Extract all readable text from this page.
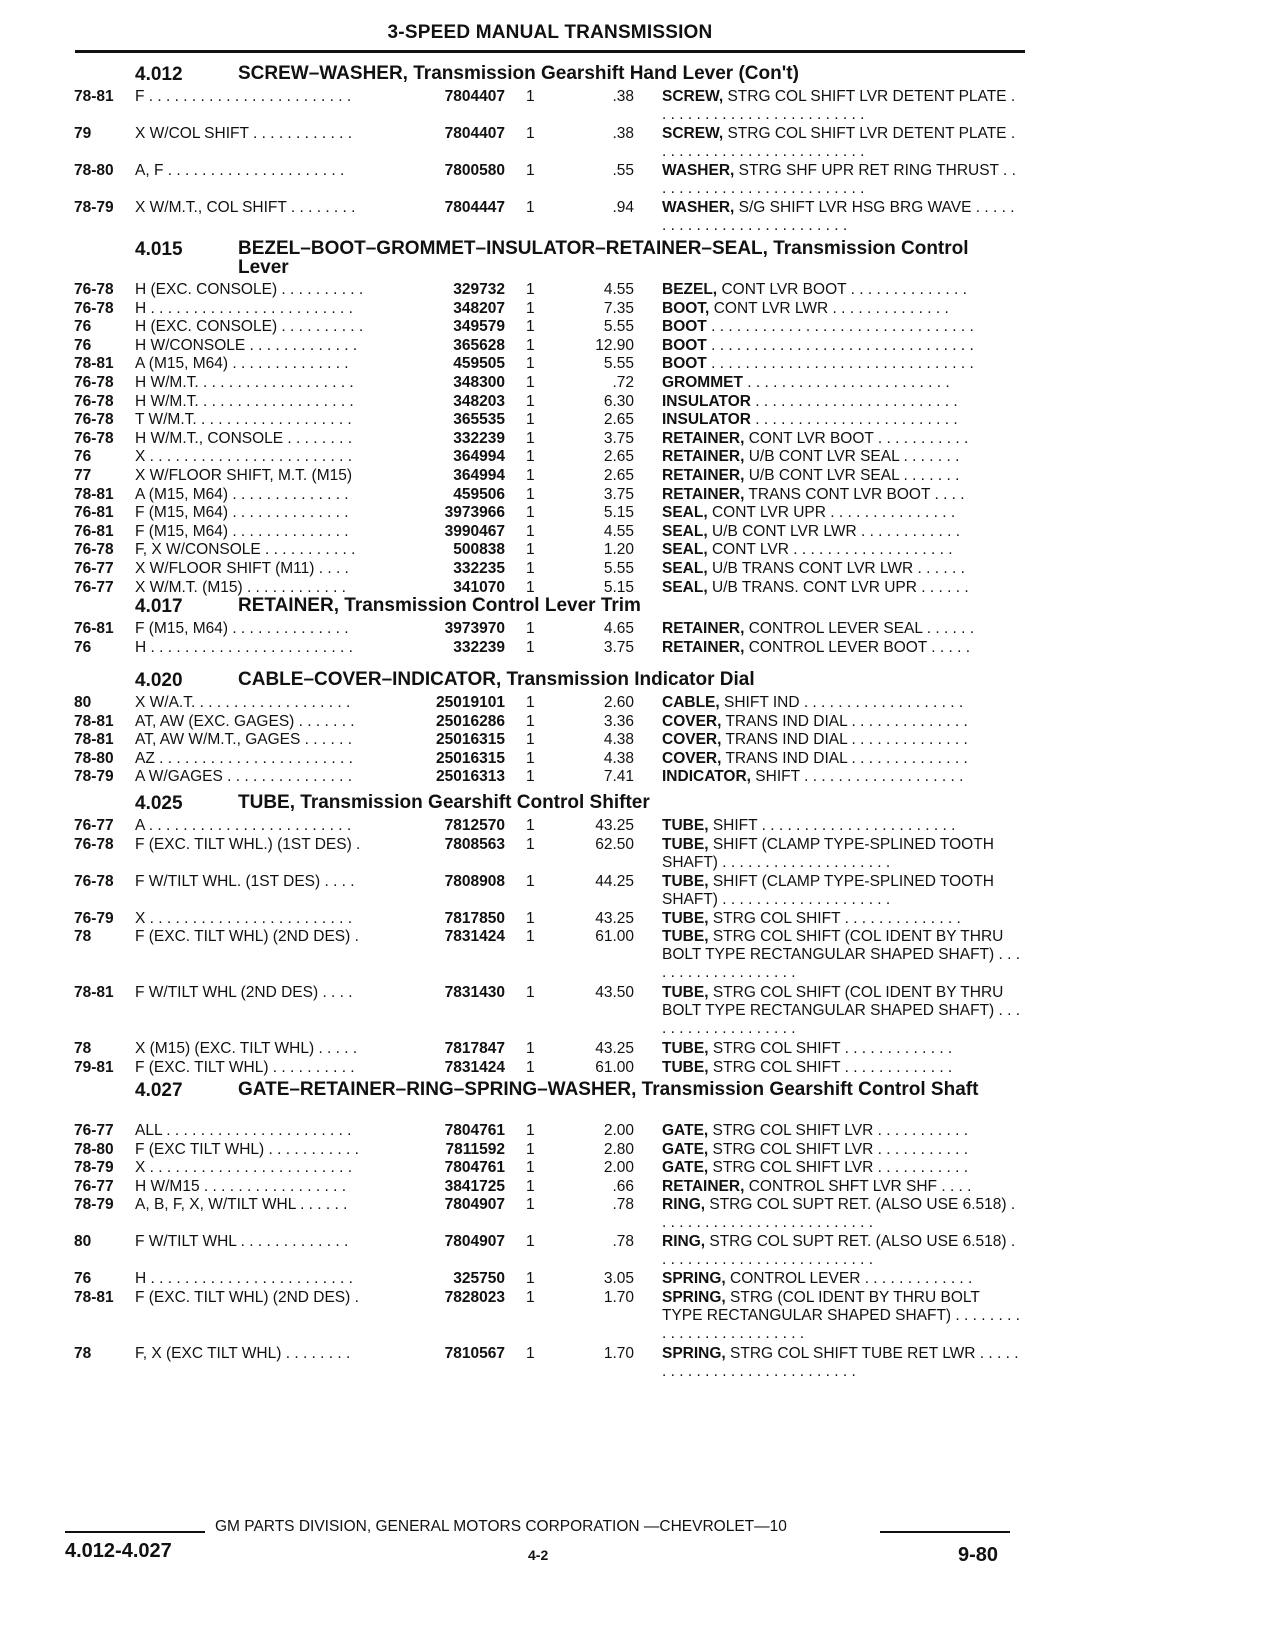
3-SPEED MANUAL TRANSMISSION
4.012	SCREW–WASHER, Transmission Gearshift Hand Lever (Con't)
78-81 F . . . . . . . . . . . . . . . . . . . . . . . .	7804407 1	.38 SCREW, STRG COL SHIFT LVR DETENT PLATE . . . . . . . . . . . . . . . . . . . . . . . . .
79	X W/COL SHIFT . . . . . . . . . . . .	7804407 1	.38 SCREW, STRG COL SHIFT LVR DETENT PLATE . . . . . . . . . . . . . . . . . . . . . . . . .
78-80 A, F . . . . . . . . . . . . . . . . . . . . .	7800580 1	.55 WASHER, STRG SHF UPR RET RING THRUST . . . . . . . . . . . . . . . . . . . . . . . . . .
78-79 X W/M.T., COL SHIFT . . . . . . . .	7804447 1	.94 WASHER, S/G SHIFT LVR HSG BRG WAVE . . . . . . . . . . . . . . . . . . . . . . . . . . .
4.015	BEZEL–BOOT–GROMMET–INSULATOR–RETAINER–SEAL, Transmission Control Lever
76-78 H (EXC. CONSOLE) . . . . . . . . . .	329732 1	4.55 BEZEL, CONT LVR BOOT . . . . . . . . . . . . . .
76-78 H . . . . . . . . . . . . . . . . . . . . . . . .	348207 1	7.35 BOOT, CONT LVR LWR . . . . . . . . . . . . . .
76	H (EXC. CONSOLE) . . . . . . . . . .	349579 1	5.55 BOOT . . . . . . . . . . . . . . . . . . . . . . . . . . . . . . .
76	H W/CONSOLE . . . . . . . . . . . . .	365628 1	12.90 BOOT . . . . . . . . . . . . . . . . . . . . . . . . . . . . . . .
78-81 A (M15, M64) . . . . . . . . . . . . . .	459505 1	5.55 BOOT . . . . . . . . . . . . . . . . . . . . . . . . . . . . . . .
76-78 H W/M.T. . . . . . . . . . . . . . . . . . .	348300 1	.72 GROMMET . . . . . . . . . . . . . . . . . . . . . . . .
76-78 H W/M.T. . . . . . . . . . . . . . . . . . .	348203 1	6.30 INSULATOR . . . . . . . . . . . . . . . . . . . . . . . .
76-78 T W/M.T. . . . . . . . . . . . . . . . . . .	365535 1	2.65 INSULATOR . . . . . . . . . . . . . . . . . . . . . . . .
76-78 H W/M.T., CONSOLE . . . . . . . .	332239 1	3.75 RETAINER, CONT LVR BOOT . . . . . . . . . . .
76	X . . . . . . . . . . . . . . . . . . . . . . . .	364994 1	2.65 RETAINER, U/B CONT LVR SEAL . . . . . . .
77	X W/FLOOR SHIFT, M.T. (M15)	364994 1	2.65 RETAINER, U/B CONT LVR SEAL . . . . . . .
78-81 A (M15, M64) . . . . . . . . . . . . . .	459506 1	3.75 RETAINER, TRANS CONT LVR BOOT . . . .
76-81 F (M15, M64) . . . . . . . . . . . . . .	3973966 1	5.15 SEAL, CONT LVR UPR . . . . . . . . . . . . . . .
76-81 F (M15, M64) . . . . . . . . . . . . . .	3990467 1	4.55 SEAL, U/B CONT LVR LWR . . . . . . . . . . . .
76-78 F, X W/CONSOLE . . . . . . . . . . .	500838 1	1.20 SEAL, CONT LVR . . . . . . . . . . . . . . . . . . .
76-77 X W/FLOOR SHIFT (M11) . . . .	332235 1	5.55 SEAL, U/B TRANS CONT LVR LWR . . . . . .
76-77 X W/M.T. (M15) . . . . . . . . . . . .	341070 1	5.15 SEAL, U/B TRANS. CONT LVR UPR . . . . . .
4.017	RETAINER, Transmission Control Lever Trim
76-81 F (M15, M64) . . . . . . . . . . . . . .	3973970 1	4.65 RETAINER, CONTROL LEVER SEAL . . . . . .
76	H . . . . . . . . . . . . . . . . . . . . . . . .	332239 1	3.75 RETAINER, CONTROL LEVER BOOT . . . . .
4.020	CABLE–COVER–INDICATOR, Transmission Indicator Dial
80	X W/A.T. . . . . . . . . . . . . . . . . . .	25019101 1	2.60 CABLE, SHIFT IND . . . . . . . . . . . . . . . . . . .
78-81 AT, AW (EXC. GAGES) . . . . . . .	25016286 1	3.36 COVER, TRANS IND DIAL . . . . . . . . . . . . . .
78-81 AT, AW W/M.T., GAGES . . . . . .	25016315 1	4.38 COVER, TRANS IND DIAL . . . . . . . . . . . . . .
78-80 AZ . . . . . . . . . . . . . . . . . . . . . . .	25016315 1	4.38 COVER, TRANS IND DIAL . . . . . . . . . . . . . .
78-79 A W/GAGES . . . . . . . . . . . . . . .	25016313 1	7.41 INDICATOR, SHIFT . . . . . . . . . . . . . . . . . . .
4.025	TUBE, Transmission Gearshift Control Shifter
76-77 A . . . . . . . . . . . . . . . . . . . . . . . .	7812570 1	43.25 TUBE, SHIFT . . . . . . . . . . . . . . . . . . . . . . .
76-78 F (EXC. TILT WHL.) (1ST DES) .	7808563 1	62.50 TUBE, SHIFT (CLAMP TYPE-SPLINED TOOTH SHAFT) . . . . . . . . . . . . . . . . . . . .
76-78 F W/TILT WHL. (1ST DES) . . . .	7808908 1	44.25 TUBE, SHIFT (CLAMP TYPE-SPLINED TOOTH SHAFT) . . . . . . . . . . . . . . . . . . . .
76-79 X . . . . . . . . . . . . . . . . . . . . . . . .	7817850 1	43.25 TUBE, STRG COL SHIFT . . . . . . . . . . . . . .
78	F (EXC. TILT WHL) (2ND DES) .	7831424 1	61.00 TUBE, STRG COL SHIFT (COL IDENT BY THRU BOLT TYPE RECTANGULAR SHAPED SHAFT) . . . . . . . . . . . . . . . . . . .
78-81 F W/TILT WHL (2ND DES) . . . .	7831430 1	43.50 TUBE, STRG COL SHIFT (COL IDENT BY THRU BOLT TYPE RECTANGULAR SHAPED SHAFT) . . . . . . . . . . . . . . . . . . .
78	X (M15) (EXC. TILT WHL) . . . . .	7817847 1	43.25 TUBE, STRG COL SHIFT . . . . . . . . . . . . .
79-81 F (EXC. TILT WHL) . . . . . . . . . .	7831424 1	61.00 TUBE, STRG COL SHIFT . . . . . . . . . . . . .
4.027	GATE–RETAINER–RING–SPRING–WASHER, Transmission Gearshift Control Shaft
76-77 ALL . . . . . . . . . . . . . . . . . . . . . .	7804761 1	2.00 GATE, STRG COL SHIFT LVR . . . . . . . . . . .
78-80 F (EXC TILT WHL) . . . . . . . . . . .	7811592 1	2.80 GATE, STRG COL SHIFT LVR . . . . . . . . . . .
78-79 X . . . . . . . . . . . . . . . . . . . . . . . .	7804761 1	2.00 GATE, STRG COL SHIFT LVR . . . . . . . . . . .
76-77 H W/M15 . . . . . . . . . . . . . . . . .	3841725 1	.66 RETAINER, CONTROL SHFT LVR SHF . . . .
78-79 A, B, F, X, W/TILT WHL . . . . . .	7804907 1	.78 RING, STRG COL SUPT RET. (ALSO USE 6.518) . . . . . . . . . . . . . . . . . . . . . . . . . .
80	F W/TILT WHL . . . . . . . . . . . . .	7804907 1	.78 RING, STRG COL SUPT RET. (ALSO USE 6.518) . . . . . . . . . . . . . . . . . . . . . . . . . .
76	H . . . . . . . . . . . . . . . . . . . . . . . .	325750 1	3.05 SPRING, CONTROL LEVER . . . . . . . . . . . . .
78-81 F (EXC. TILT WHL) (2ND DES) .	7828023 1	1.70 SPRING, STRG (COL IDENT BY THRU BOLT TYPE RECTANGULAR SHAPED SHAFT) . . . . . . . . . . . . . . . . . . . . . . . . .
78	F, X (EXC TILT WHL) . . . . . . . .	7810567 1	1.70 SPRING, STRG COL SHIFT TUBE RET LWR . . . . . . . . . . . . . . . . . . . . . . . . . . . .
GM PARTS DIVISION, GENERAL MOTORS CORPORATION —CHEVROLET—10
4.012-4.027	4-2	9-80
